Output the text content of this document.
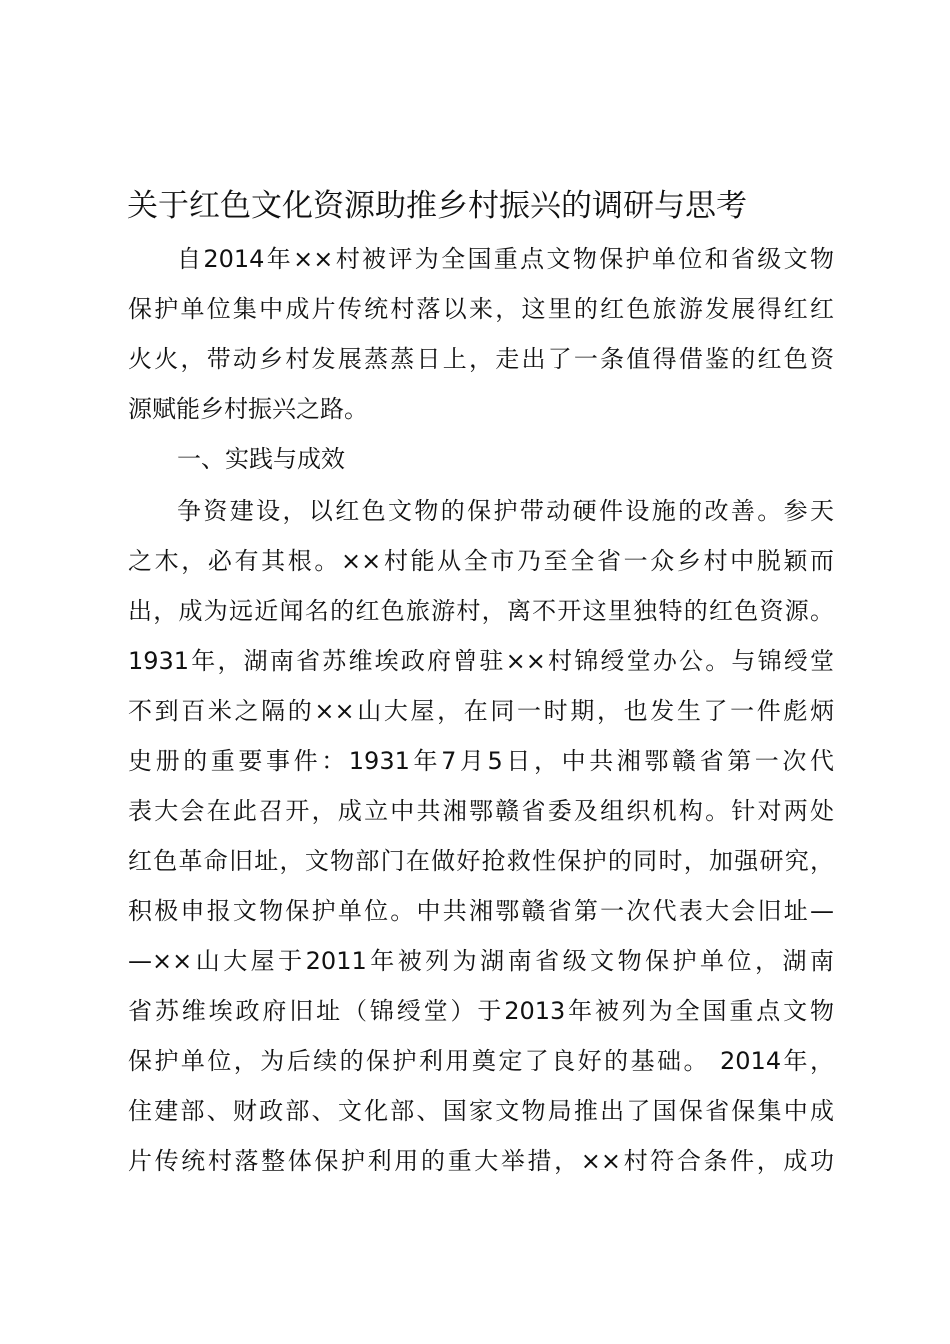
关于红色文化资源助推乡村振兴的调研与思考
自2014年××村被评为全国重点文物保护单位和省级文物
保护单位集中成片传统村落以来，这里的红色旅游发展得红红
火火，带动乡村发展蒸蒸日上，走出了一条值得借鉴的红色资
源赋能乡村振兴之路。
一、实践与成效
争资建设，以红色文物的保护带动硬件设施的改善。参天
之木，必有其根。××村能从全市乃至全省一众乡村中脱颖而
出，成为远近闻名的红色旅游村，离不开这里独特的红色资源。
1931年，湖南省苏维埃政府曾驻××村锦绶堂办公。与锦绶堂
不到百米之隔的××山大屋，在同一时期，也发生了一件彪炳
史册的重要事件：1931年7月5日，中共湘鄂赣省第一次代
表大会在此召开，成立中共湘鄂赣省委及组织机构。针对两处
红色革命旧址，文物部门在做好抢救性保护的同时，加强研究，
积极申报文物保护单位。中共湘鄂赣省第一次代表大会旧址—
—××山大屋于2011年被列为湖南省级文物保护单位，湖南
省苏维埃政府旧址（锦绶堂）于2013年被列为全国重点文物
保护单位，为后续的保护利用奠定了良好的基础。 2014年，
住建部、财政部、文化部、国家文物局推出了国保省保集中成
片传统村落整体保护利用的重大举措，××村符合条件，成功
